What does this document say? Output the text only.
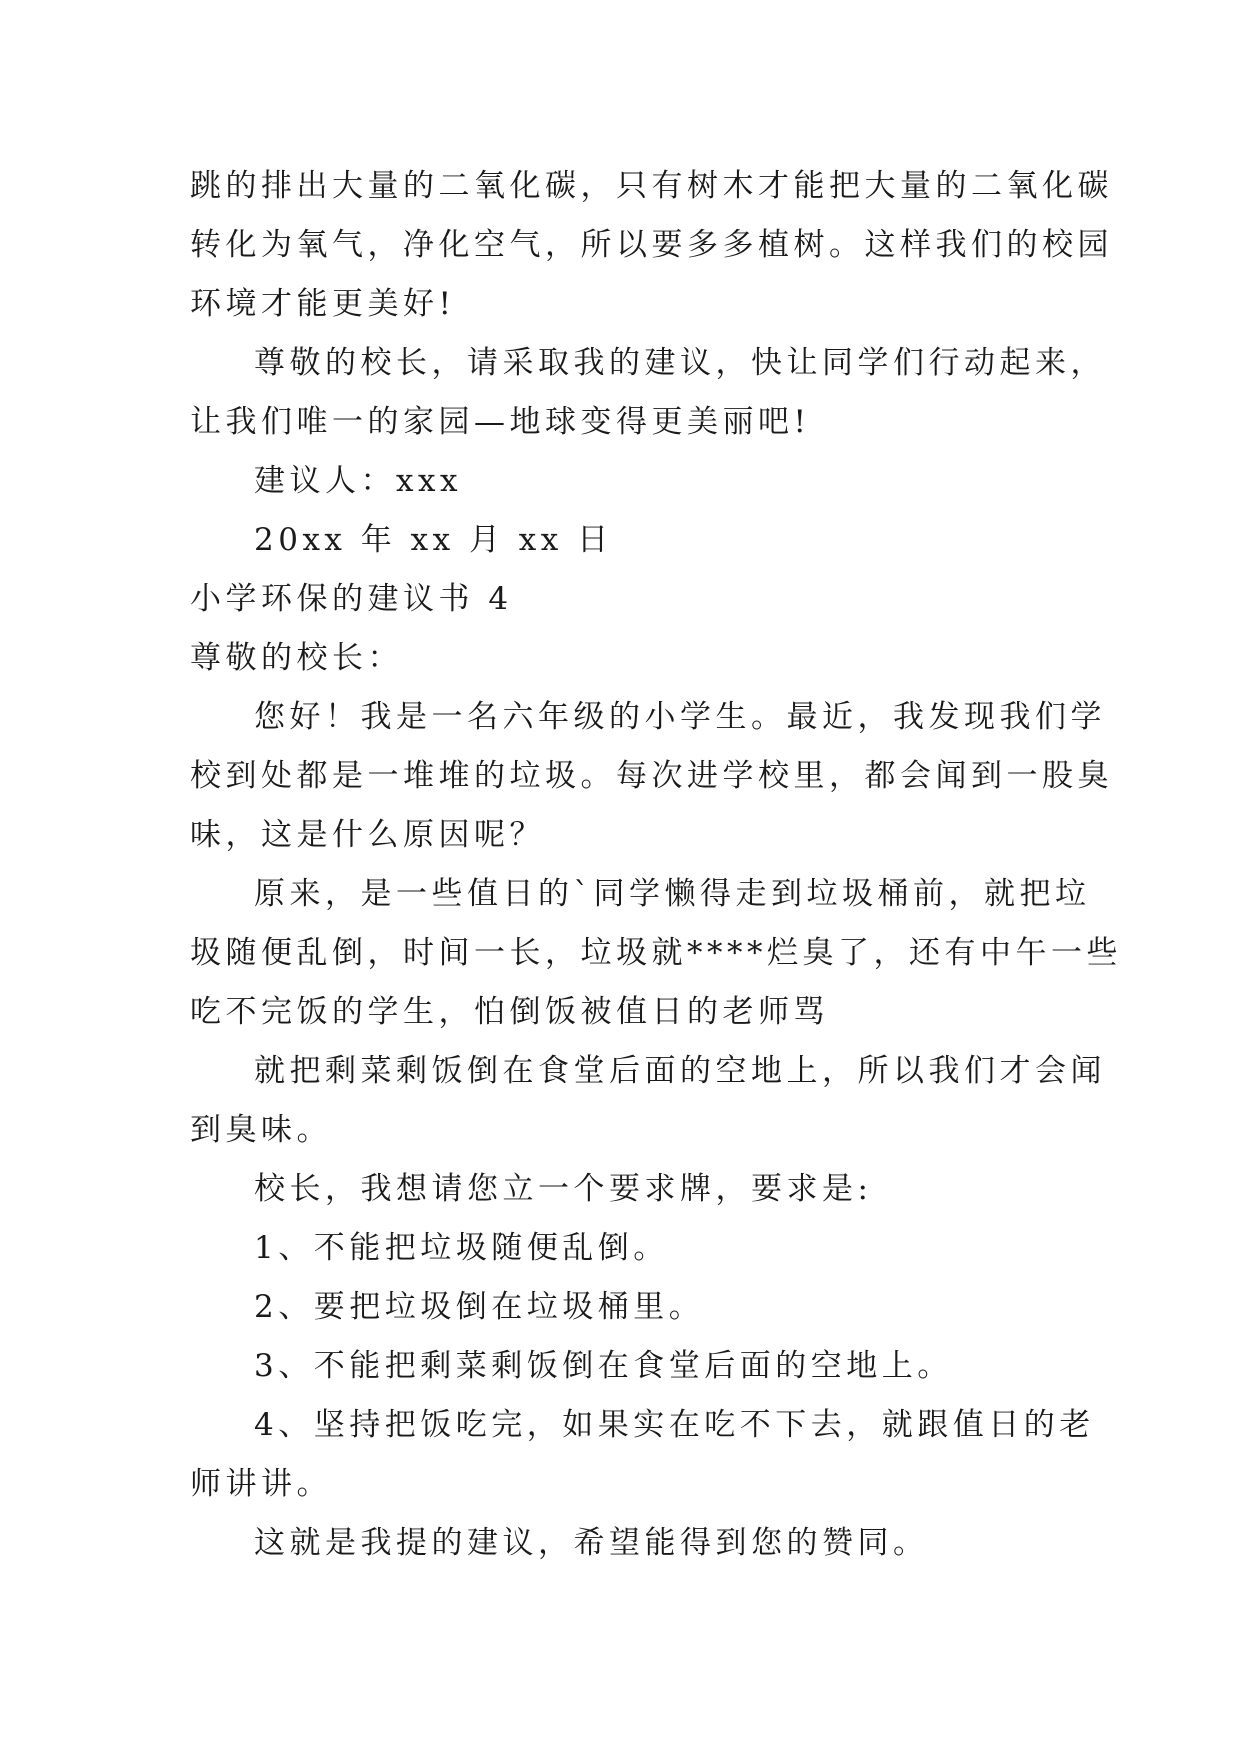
跳的排出大量的二氧化碳，只有树木才能把大量的二氧化碳
转化为氧气，净化空气，所以要多多植树。这样我们的校园
环境才能更美好!
尊敬的校长，请采取我的建议，快让同学们行动起来，
让我们唯一的家园—地球变得更美丽吧!
建议人：xxx
20xx 年 xx 月 xx 日
小学环保的建议书 4
尊敬的校长：
您好！我是一名六年级的小学生。最近，我发现我们学
校到处都是一堆堆的垃圾。每次进学校里，都会闻到一股臭
味，这是什么原因呢？
原来，是一些值日的`同学懒得走到垃圾桶前，就把垃
圾随便乱倒，时间一长，垃圾就****烂臭了，还有中午一些
吃不完饭的学生，怕倒饭被值日的老师骂
就把剩菜剩饭倒在食堂后面的空地上，所以我们才会闻
到臭味。
校长，我想请您立一个要求牌，要求是:
1、不能把垃圾随便乱倒。
2、要把垃圾倒在垃圾桶里。
3、不能把剩菜剩饭倒在食堂后面的空地上。
4、坚持把饭吃完，如果实在吃不下去，就跟值日的老
师讲讲。
这就是我提的建议，希望能得到您的赞同。
